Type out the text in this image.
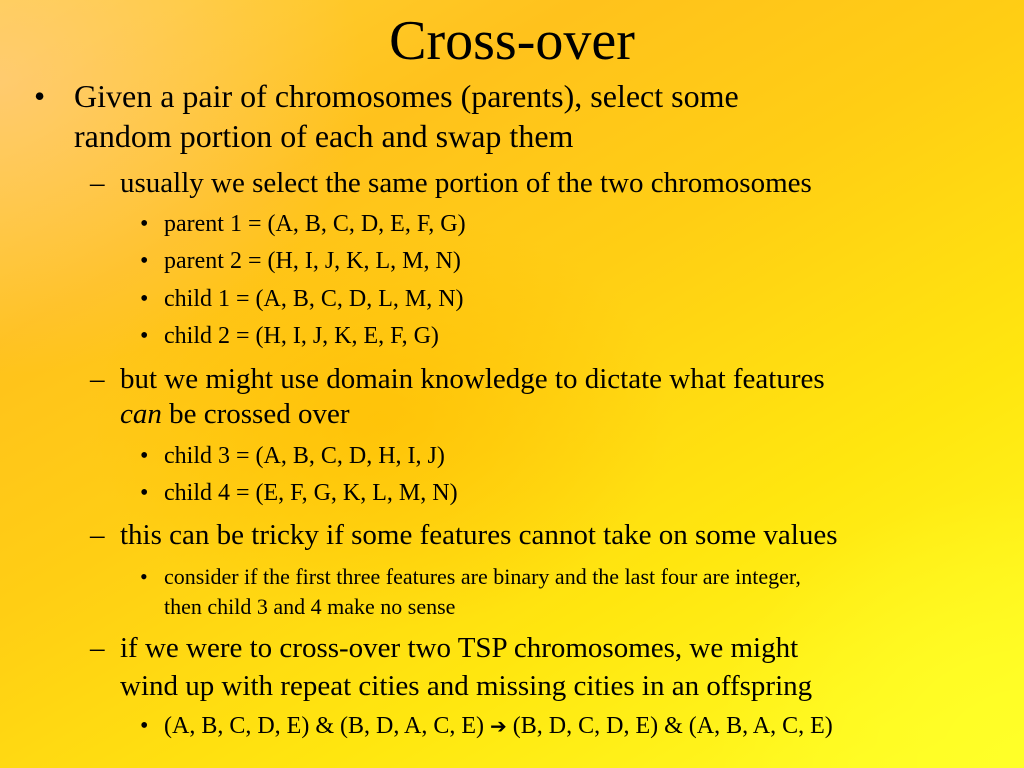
Cross-over
• Given a pair of chromosomes (parents), select some
random portion of each and swap them
– usually we select the same portion of the two chromosomes
• parent 1 = (A, B, C, D, E, F, G)
• parent 2 = (H, I, J, K, L, M, N)
• child 1 = (A, B, C, D, L, M, N)
• child 2 = (H, I, J, K, E, F, G)
– but we might use domain knowledge to dictate what features
can be crossed over
• child 3 = (A, B, C, D, H, I, J)
• child 4 = (E, F, G, K, L, M, N)
– this can be tricky if some features cannot take on some values
• consider if the first three features are binary and the last four are integer,
then child 3 and 4 make no sense
– if we were to cross-over two TSP chromosomes, we might
wind up with repeat cities and missing cities in an offspring
• (A, B, C, D, E) & (B, D, A, C, E) ➔ (B, D, C, D, E) & (A, B, A, C, E)
